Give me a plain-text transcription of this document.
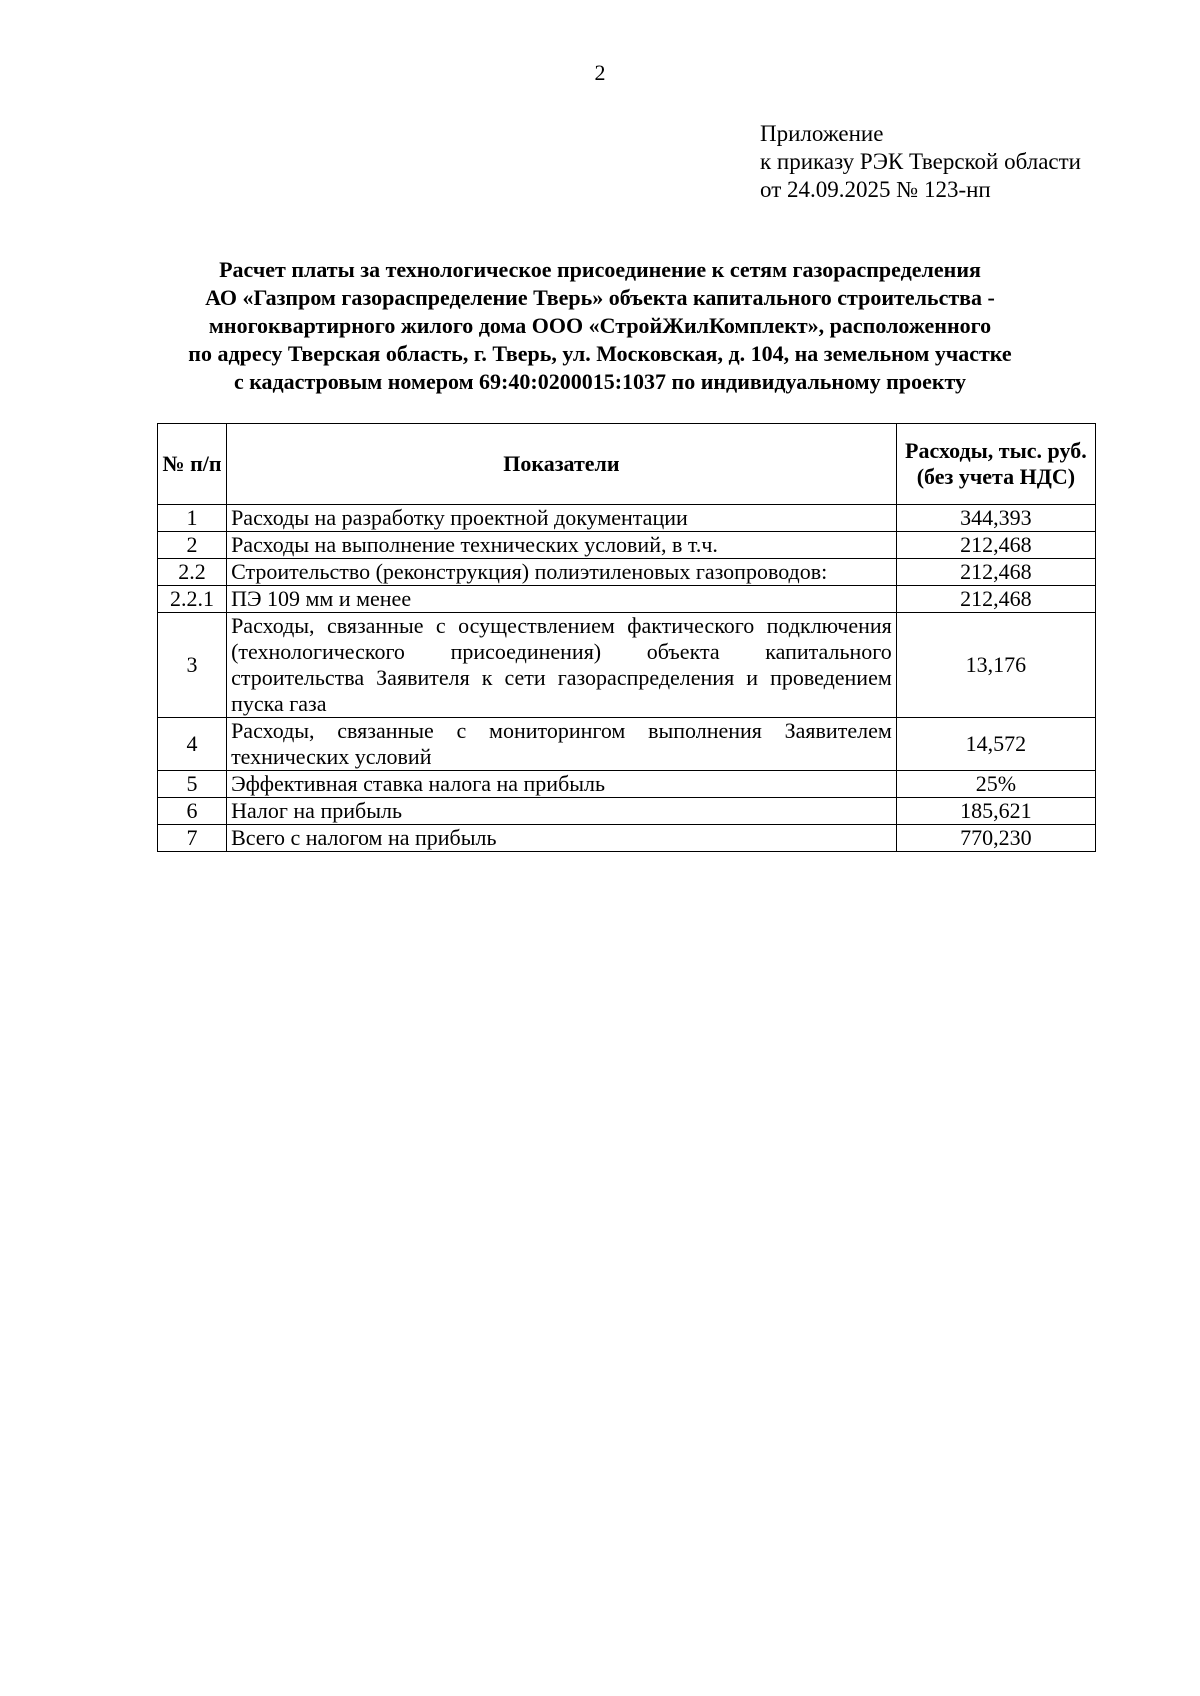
2
Приложение
к приказу РЭК Тверской области
от 24.09.2025 № 123-нп
Расчет платы за технологическое присоединение к сетям газораспределения
АО «Газпром газораспределение Тверь» объекта капитального строительства -
многоквартирного жилого дома ООО «СтройЖилКомплект», расположенного
по адресу Тверская область, г. Тверь, ул. Московская, д. 104, на земельном участке
с кадастровым номером 69:40:0200015:1037 по индивидуальному проекту
№ п/п	Показатели	Расходы, тыс. руб. (без учета НДС)
1	Расходы на разработку проектной документации	344,393
2	Расходы на выполнение технических условий, в т.ч.	212,468
2.2	Строительство (реконструкция) полиэтиленовых газопроводов:	212,468
2.2.1	ПЭ 109 мм и менее	212,468
3	Расходы, связанные с осуществлением фактического подключения (технологического присоединения) объекта капитального строительства Заявителя к сети газораспределения и проведением пуска газа	13,176
4	Расходы, связанные с мониторингом выполнения Заявителем технических условий	14,572
5	Эффективная ставка налога на прибыль	25%
6	Налог на прибыль	185,621
7	Всего с налогом на прибыль	770,230
